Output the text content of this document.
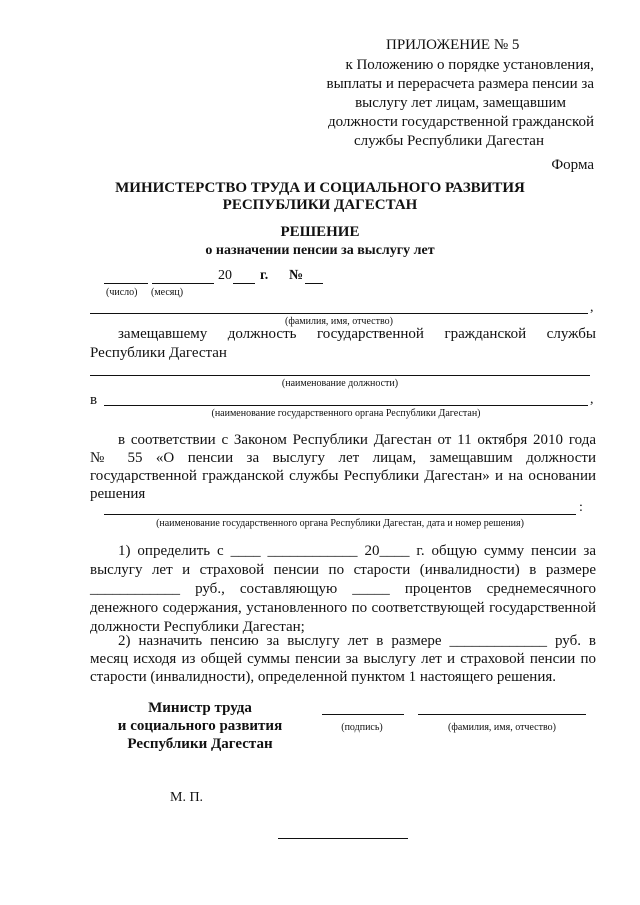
ПРИЛОЖЕНИЕ № 5
к Положению о порядке установления,
выплаты и перерасчета размера пенсии за
выслугу лет лицам, замещавшим
должности государственной гражданской
службы Республики Дагестан
Форма
МИНИСТЕРСТВО ТРУДА И СОЦИАЛЬНОГО РАЗВИТИЯ
РЕСПУБЛИКИ ДАГЕСТАН
РЕШЕНИЕ
о назначении пенсии за выслугу лет
20 г. №
(число) (месяц)
,
(фамилия, имя, отчество)
замещавшему должность государственной гражданской службы
Республики Дагестан
(наименование должности)
в	,
(наименование государственного органа Республики Дагестан)
в соответствии с Законом Республики Дагестан от 11 октября 2010 года
№ 55 «О пенсии за выслугу лет лицам, замещавшим должности
государственной гражданской службы Республики Дагестан» и на основании
решения
:
(наименование государственного органа Республики Дагестан, дата и номер решения)
1) определить с ____ ____________ 20____ г. общую сумму пенсии за
выслугу лет и страховой пенсии по старости (инвалидности) в размере
____________ руб., составляющую _____ процентов среднемесячного
денежного содержания, установленного по соответствующей государственной
должности Республики Дагестан;
2) назначить пенсию за выслугу лет в размере _____________ руб. в
месяц исходя из общей суммы пенсии за выслугу лет и страховой пенсии по
старости (инвалидности), определенной пунктом 1 настоящего решения.
Министр труда
и социального развития
Республики Дагестан
(подпись)	(фамилия, имя, отчество)
М. П.
